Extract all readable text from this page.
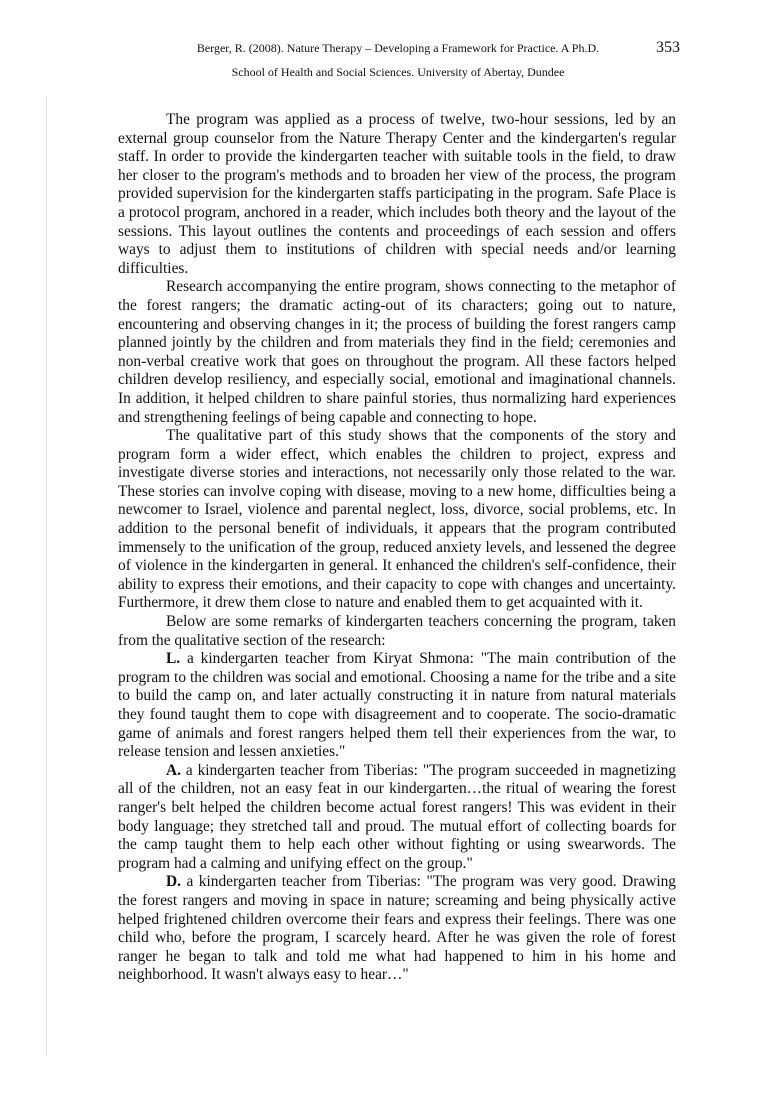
Berger, R. (2008). Nature Therapy – Developing a Framework for Practice. A Ph.D.	353
School of Health and Social Sciences. University of Abertay, Dundee

The program was applied as a process of twelve, two-hour sessions, led by an external group counselor from the Nature Therapy Center and the kindergarten's regular staff. In order to provide the kindergarten teacher with suitable tools in the field, to draw her closer to the program's methods and to broaden her view of the process, the program provided supervision for the kindergarten staffs participating in the program. Safe Place is a protocol program, anchored in a reader, which includes both theory and the layout of the sessions. This layout outlines the contents and proceedings of each session and offers ways to adjust them to institutions of children with special needs and/or learning difficulties.

Research accompanying the entire program, shows connecting to the metaphor of the forest rangers; the dramatic acting-out of its characters; going out to nature, encountering and observing changes in it; the process of building the forest rangers camp planned jointly by the children and from materials they find in the field; ceremonies and non-verbal creative work that goes on throughout the program. All these factors helped children develop resiliency, and especially social, emotional and imaginational channels. In addition, it helped children to share painful stories, thus normalizing hard experiences and strengthening feelings of being capable and connecting to hope.

The qualitative part of this study shows that the components of the story and program form a wider effect, which enables the children to project, express and investigate diverse stories and interactions, not necessarily only those related to the war. These stories can involve coping with disease, moving to a new home, difficulties being a newcomer to Israel, violence and parental neglect, loss, divorce, social problems, etc. In addition to the personal benefit of individuals, it appears that the program contributed immensely to the unification of the group, reduced anxiety levels, and lessened the degree of violence in the kindergarten in general. It enhanced the children's self-confidence, their ability to express their emotions, and their capacity to cope with changes and uncertainty. Furthermore, it drew them close to nature and enabled them to get acquainted with it.

Below are some remarks of kindergarten teachers concerning the program, taken from the qualitative section of the research:

L. a kindergarten teacher from Kiryat Shmona: "The main contribution of the program to the children was social and emotional. Choosing a name for the tribe and a site to build the camp on, and later actually constructing it in nature from natural materials they found taught them to cope with disagreement and to cooperate. The socio-dramatic game of animals and forest rangers helped them tell their experiences from the war, to release tension and lessen anxieties."

A. a kindergarten teacher from Tiberias: "The program succeeded in magnetizing all of the children, not an easy feat in our kindergarten…the ritual of wearing the forest ranger's belt helped the children become actual forest rangers! This was evident in their body language; they stretched tall and proud. The mutual effort of collecting boards for the camp taught them to help each other without fighting or using swearwords. The program had a calming and unifying effect on the group."

D. a kindergarten teacher from Tiberias: "The program was very good. Drawing the forest rangers and moving in space in nature; screaming and being physically active helped frightened children overcome their fears and express their feelings. There was one child who, before the program, I scarcely heard. After he was given the role of forest ranger he began to talk and told me what had happened to him in his home and neighborhood. It wasn't always easy to hear…"
